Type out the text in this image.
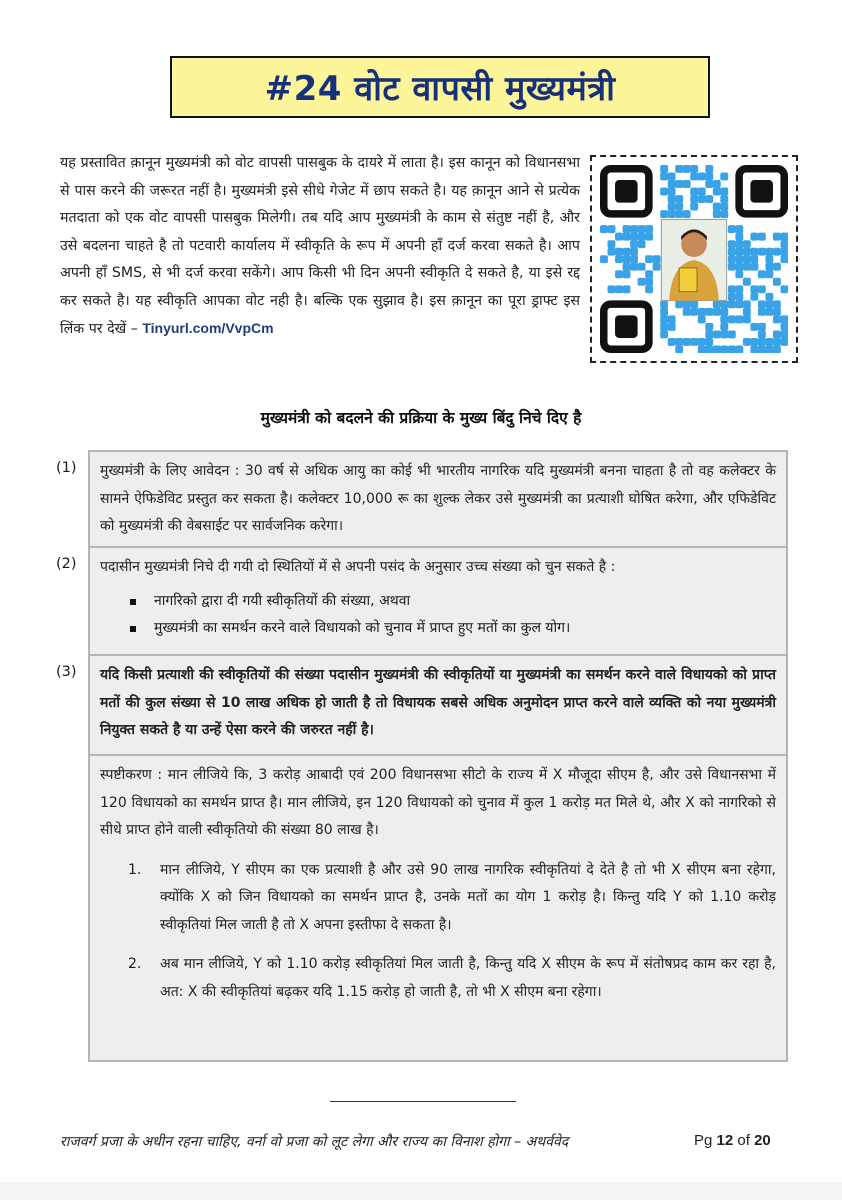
#24 वोट वापसी मुख्यमंत्री
यह प्रस्तावित क़ानून मुख्यमंत्री को वोट वापसी पासबुक के दायरे में लाता है। इस कानून को विधानसभा से पास करने की जरूरत नहीं है। मुख्यमंत्री इसे सीधे गेजेट में छाप सकते है। यह क़ानून आने से प्रत्येक मतदाता को एक वोट वापसी पासबुक मिलेगी। तब यदि आप मुख्यमंत्री के काम से संतुष्ट नहीं है, और उसे बदलना चाहते है तो पटवारी कार्यालय में स्वीकृति के रूप में अपनी हाँ दर्ज करवा सकते है। आप अपनी हाँ SMS, से भी दर्ज करवा सकेंगे। आप किसी भी दिन अपनी स्वीकृति दे सकते है, या इसे रद्द कर सकते है। यह स्वीकृति आपका वोट नही है। बल्कि एक सुझाव है। इस क़ानून का पूरा ड्राफ्ट इस लिंक पर देखें – Tinyurl.com/VvpCm
मुख्यमंत्री को बदलने की प्रक्रिया के मुख्य बिंदु निचे दिए है
(1) मुख्यमंत्री के लिए आवेदन : 30 वर्ष से अधिक आयु का कोई भी भारतीय नागरिक यदि मुख्यमंत्री बनना चाहता है तो वह कलेक्टर के सामने ऐफिडेविट प्रस्तुत कर सकता है। कलेक्टर 10,000 रू का शुल्क लेकर उसे मुख्यमंत्री का प्रत्याशी घोषित करेगा, और एफिडेविट को मुख्यमंत्री की वेबसाईट पर सार्वजनिक करेगा।

(2) पदासीन मुख्यमंत्री निचे दी गयी दो स्थितियों में से अपनी पसंद के अनुसार उच्च संख्या को चुन सकते है :

नागरिको द्वारा दी गयी स्वीकृतियों की संख्या, अथवा
मुख्यमंत्री का समर्थन करने वाले विधायको को चुनाव में प्राप्त हुए मतों का कुल योग।
(3) यदि किसी प्रत्याशी की स्वीकृतियों की संख्या पदासीन मुख्यमंत्री की स्वीकृतियों या मुख्यमंत्री का समर्थन करने वाले विधायको को प्राप्त मतों की कुल संख्या से 10 लाख अधिक हो जाती है तो विधायक सबसे अधिक अनुमोदन प्राप्त करने वाले व्यक्ति को नया मुख्यमंत्री नियुक्त सकते है या उन्हें ऐसा करने की जरुरत नहीं है।

स्पष्टीकरण : मान लीजिये कि, 3 करोड़ आबादी एवं 200 विधानसभा सीटो के राज्य में X मौजूदा सीएम है, और उसे विधानसभा में 120 विधायको का समर्थन प्राप्त है। मान लीजिये, इन 120 विधायको को चुनाव में कुल 1 करोड़ मत मिले थे, और X को नागरिको से सीधे प्राप्त होने वाली स्वीकृतियो की संख्या 80 लाख है।

1. मान लीजिये, Y सीएम का एक प्रत्याशी है और उसे 90 लाख नागरिक स्वीकृतियां दे देते है तो भी X सीएम बना रहेगा, क्योंकि X को जिन विधायको का समर्थन प्राप्त है, उनके मतों का योग 1 करोड़ है। किन्तु यदि Y को 1.10 करोड़ स्वीकृतियां मिल जाती है तो X अपना इस्तीफा दे सकता है।

2. अब मान लीजिये, Y को 1.10 करोड़ स्वीकृतियां मिल जाती है, किन्तु यदि X सीएम के रूप में संतोषप्रद काम कर रहा है, अत: X की स्वीकृतियां बढ़कर यदि 1.15 करोड़ हो जाती है, तो भी X सीएम बना रहेगा।

राजवर्ग प्रजा के अधीन रहना चाहिए, वर्ना वो प्रजा को लूट लेगा और राज्य का विनाश होगा – अथर्ववेद	Pg 12 of 20
